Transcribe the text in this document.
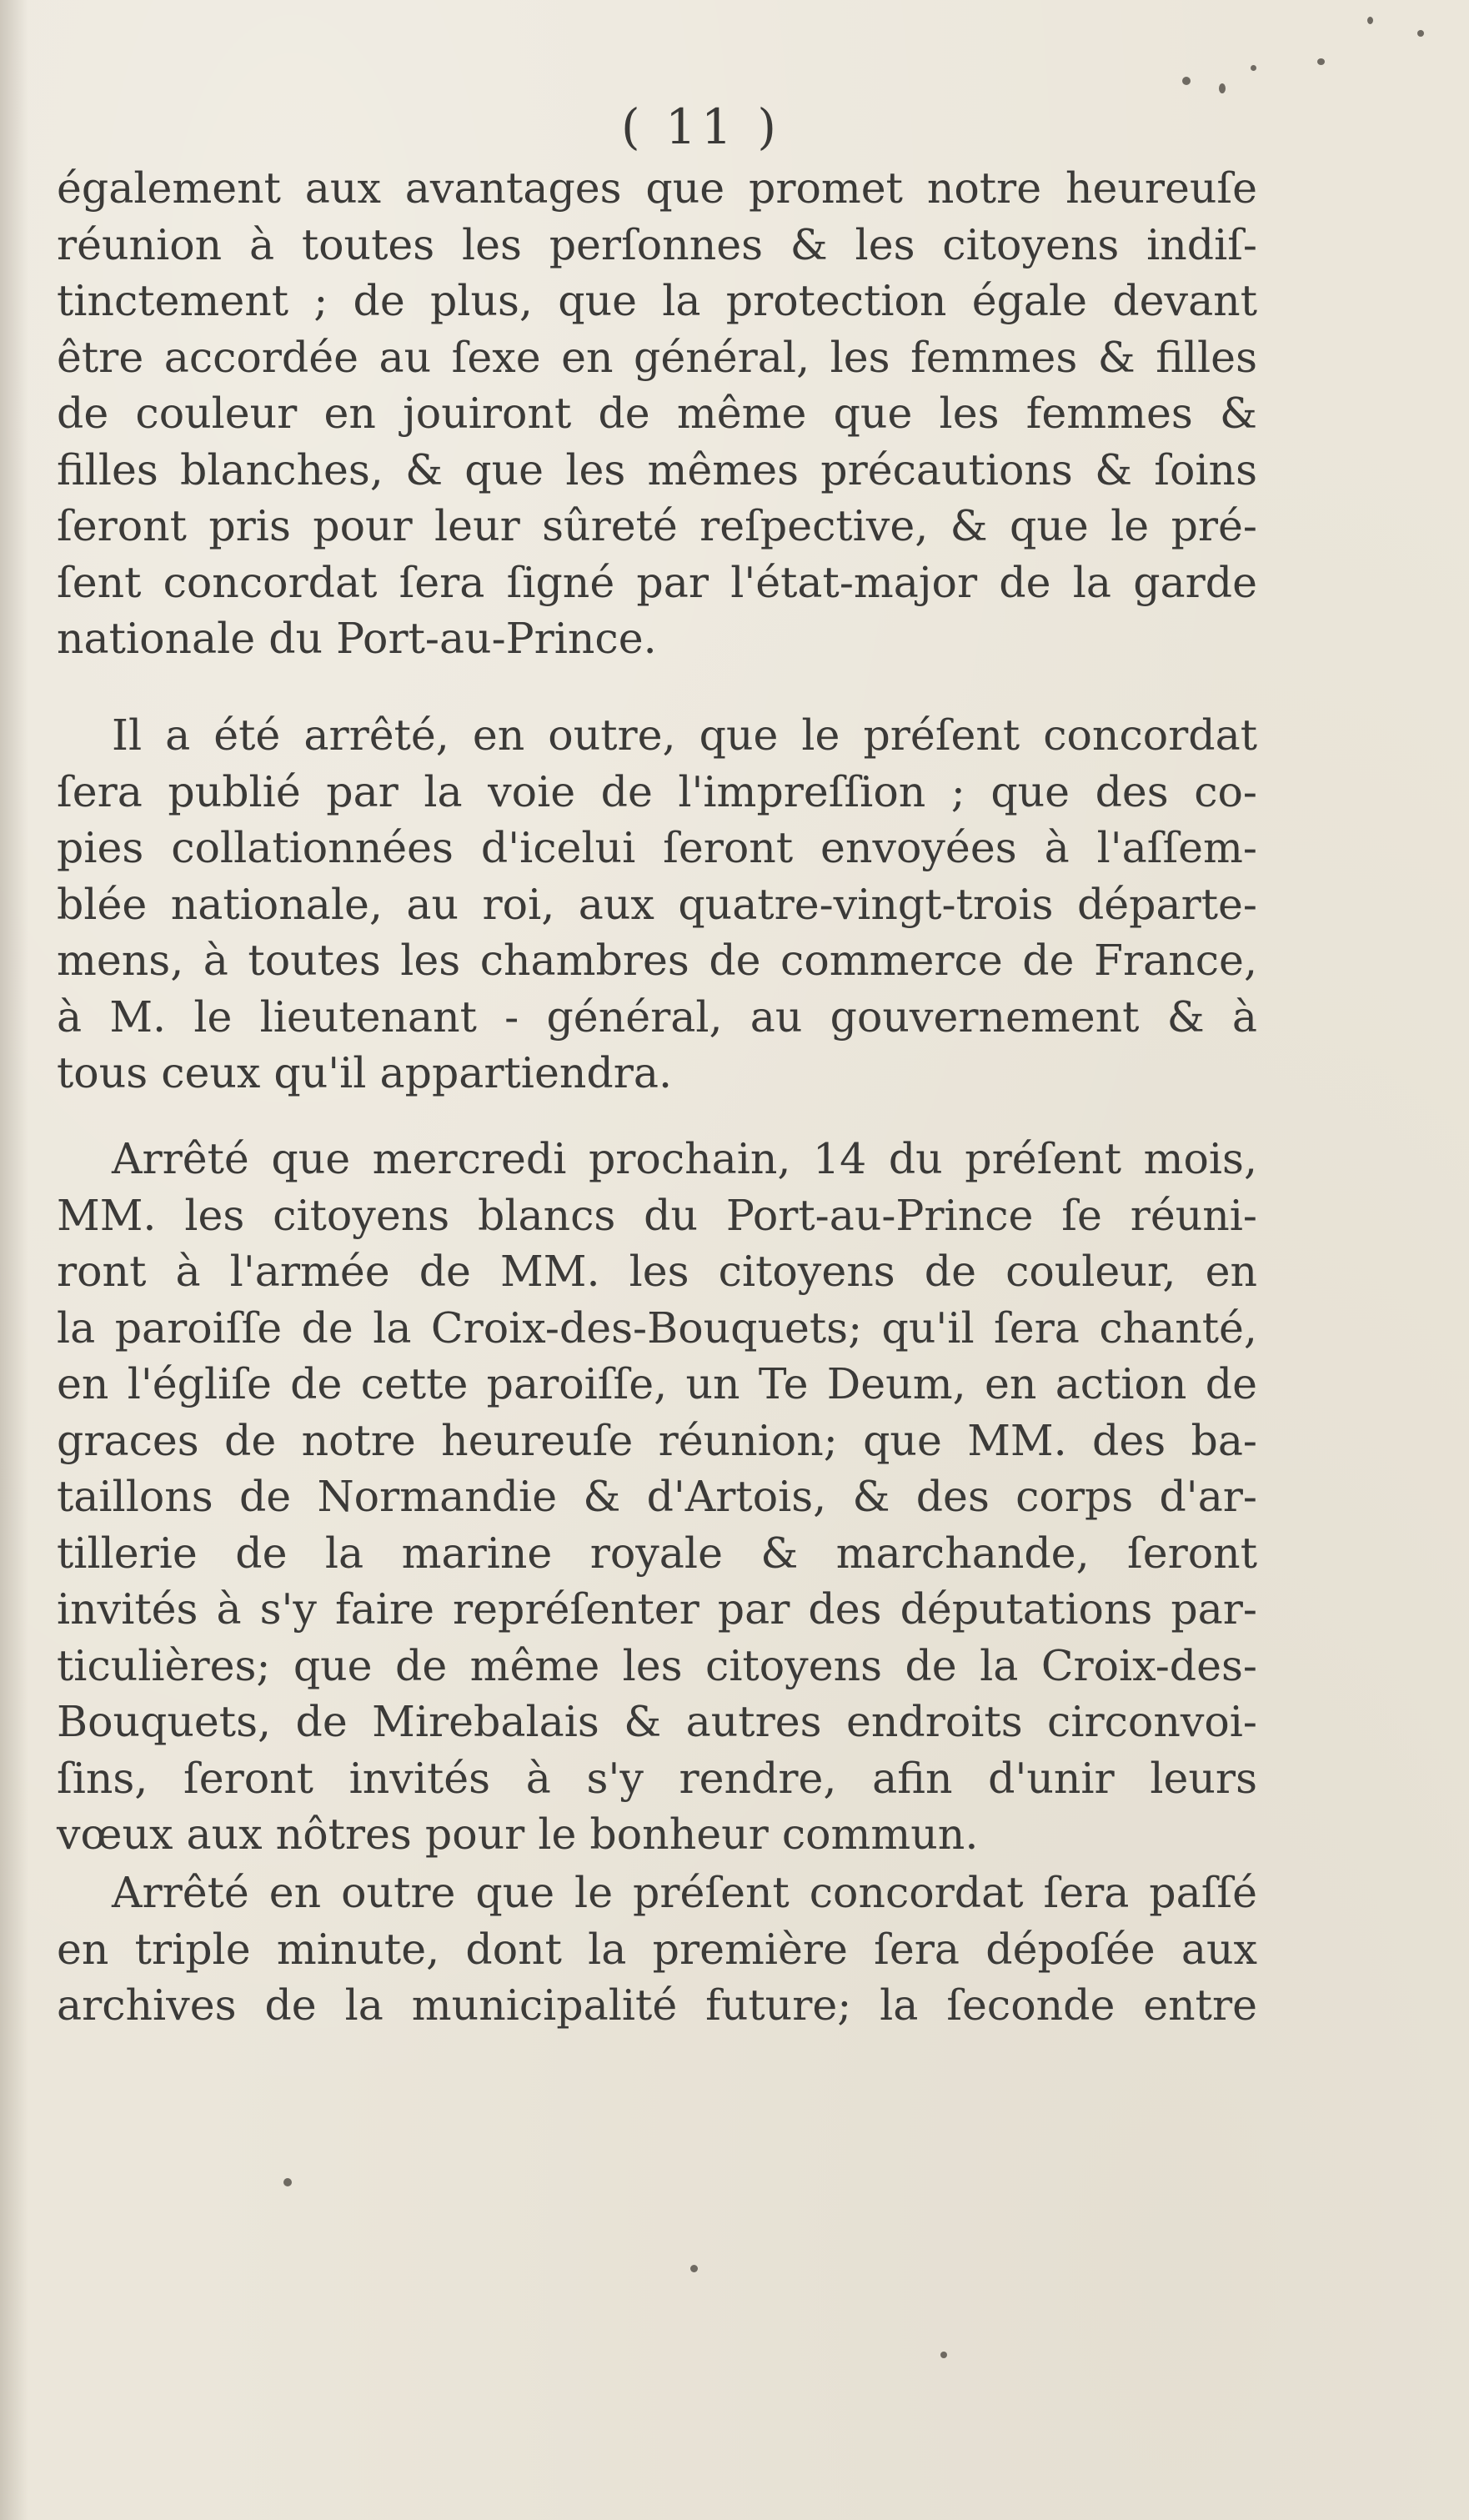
( 11 )
également aux avantages que promet notre heureuſe
réunion à toutes les perſonnes & les citoyens indiſ-
tinctement ; de plus, que la protection égale devant
être accordée au ſexe en général, les femmes & filles
de couleur en jouiront de même que les femmes &
filles blanches, & que les mêmes précautions & ſoins
ſeront pris pour leur sûreté reſpective, & que le pré-
ſent concordat ſera ſigné par l'état-major de la garde
nationale du Port-au-Prince.
Il a été arrêté, en outre, que le préſent concordat
ſera publié par la voie de l'impreſſion ; que des co-
pies collationnées d'icelui ſeront envoyées à l'aſſem-
blée nationale, au roi, aux quatre-vingt-trois départe-
mens, à toutes les chambres de commerce de France,
à M. le lieutenant - général, au gouvernement & à
tous ceux qu'il appartiendra.
Arrêté que mercredi prochain, 14 du préſent mois,
MM. les citoyens blancs du Port-au-Prince ſe réuni-
ront à l'armée de MM. les citoyens de couleur, en
la paroiſſe de la Croix-des-Bouquets; qu'il ſera chanté,
en l'égliſe de cette paroiſſe, un Te Deum, en action de
graces de notre heureuſe réunion; que MM. des ba-
taillons de Normandie & d'Artois, & des corps d'ar-
tillerie de la marine royale & marchande, ſeront
invités à s'y faire repréſenter par des députations par-
ticulières; que de même les citoyens de la Croix-des-
Bouquets, de Mirebalais & autres endroits circonvoi-
ſins, ſeront invités à s'y rendre, afin d'unir leurs
vœux aux nôtres pour le bonheur commun.
Arrêté en outre que le préſent concordat ſera paſſé
en triple minute, dont la première ſera dépoſée aux
archives de la municipalité future; la ſeconde entre
